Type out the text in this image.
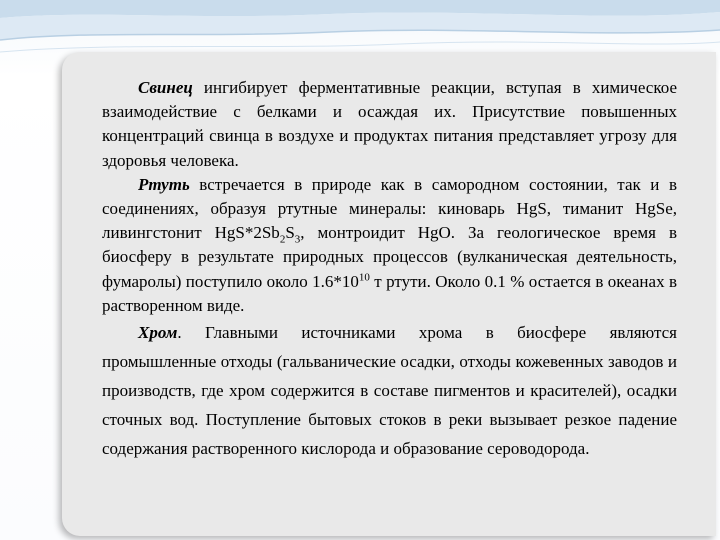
Свинец ингибирует ферментативные реакции, вступая в химическое взаимодействие с белками и осаждая их. Присутствие повышенных концентраций свинца в воздухе и продуктах питания представляет угрозу для здоровья человека.

Ртуть встречается в природе как в самородном состоянии, так и в соединениях, образуя ртутные минералы: киноварь HgS, тиманит HgSe, ливингстонит $HgS*2Sb_2S_3$, монтроидит HgO. За геологическое время в биосферу в результате природных процессов (вулканическая деятельность, фумаролы) поступило около $1.6*10^{10}$ т ртути. Около 0.1 % остается в океанах в растворенном виде.

Хром. Главными источниками хрома в биосфере являются промышленные отходы (гальванические осадки, отходы кожевенных заводов и производств, где хром содержится в составе пигментов и красителей), осадки сточных вод. Поступление бытовых стоков в реки вызывает резкое падение содержания растворенного кислорода и образование сероводорода.
